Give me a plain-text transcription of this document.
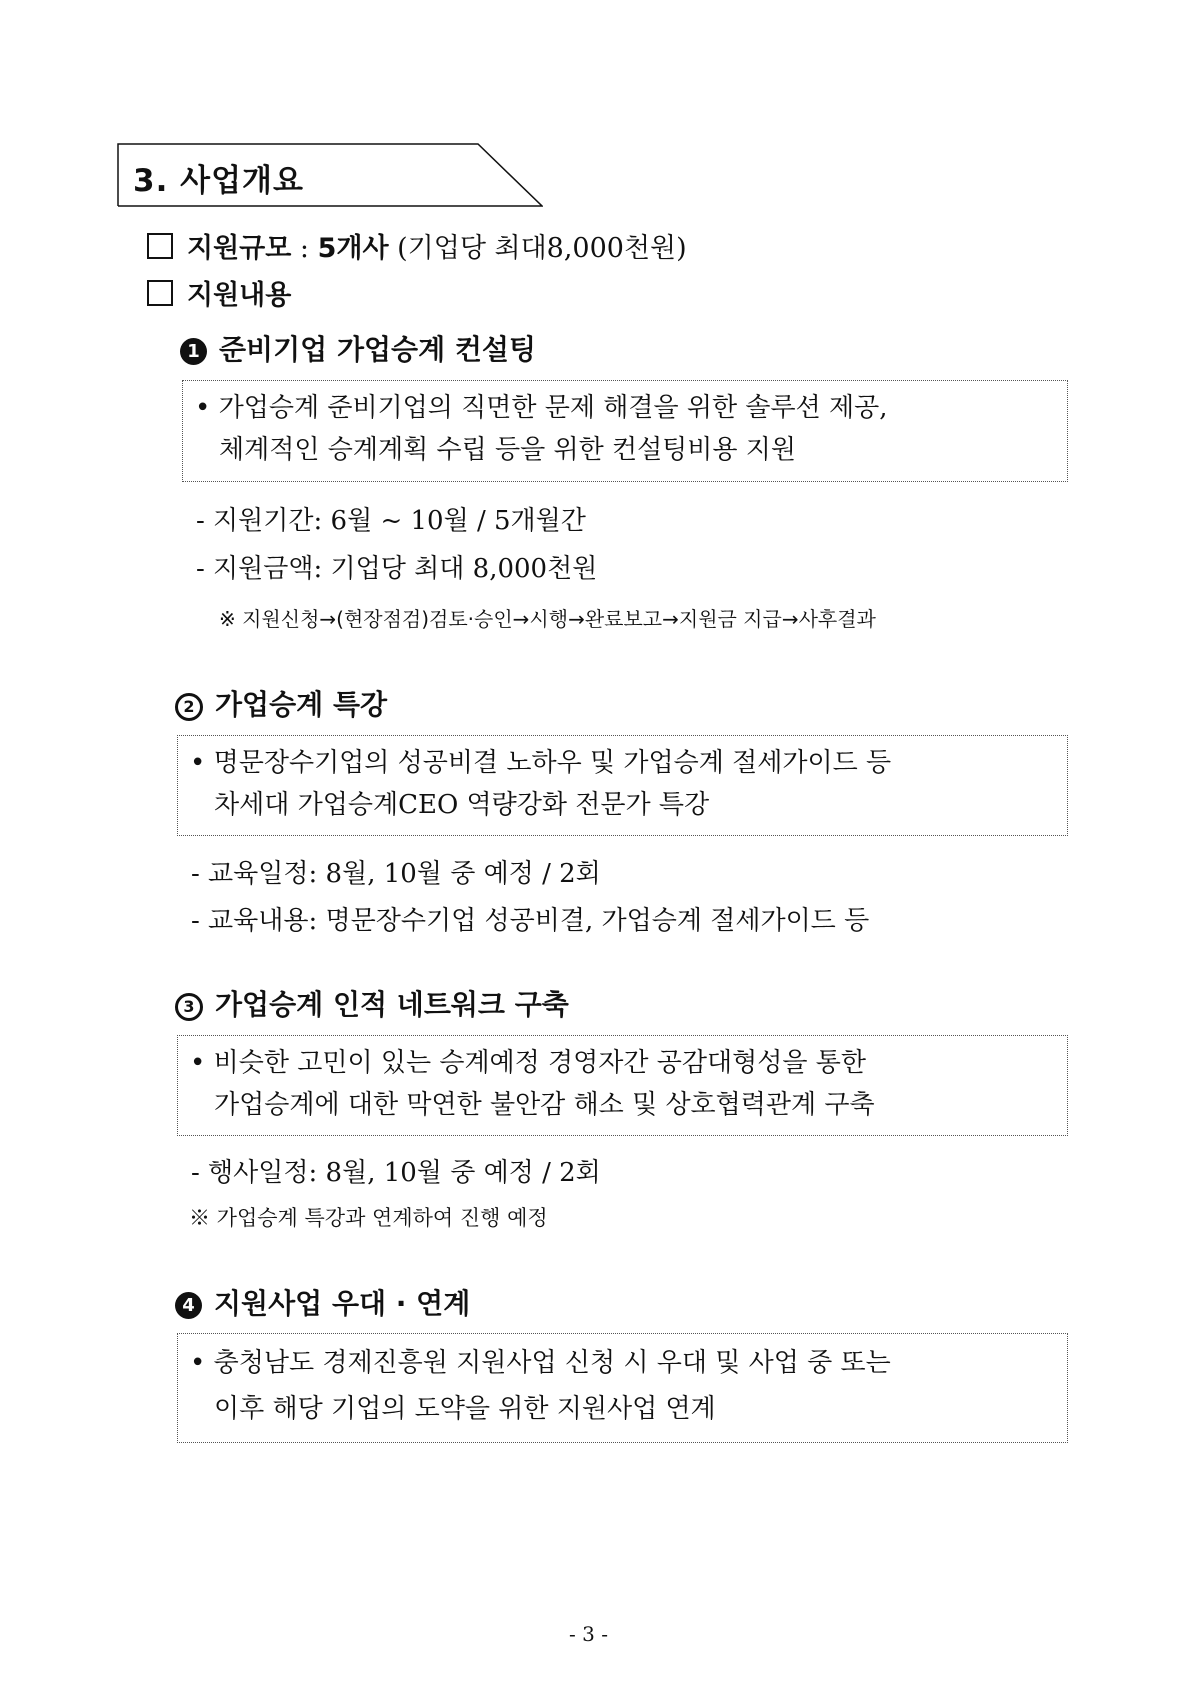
3. 사업개요
지원규모 : 5개사 (기업당 최대8,000천원)
지원내용
1 준비기업 가업승계 컨설팅
• 가업승계 준비기업의 직면한 문제 해결을 위한 솔루션 제공,
체계적인 승계계획 수립 등을 위한 컨설팅비용 지원
- 지원기간: 6월 ~ 10월 / 5개월간
- 지원금액: 기업당 최대 8,000천원
※ 지원신청→(현장점검)검토·승인→시행→완료보고→지원금 지급→사후결과
2 가업승계 특강
• 명문장수기업의 성공비결 노하우 및 가업승계 절세가이드 등
차세대 가업승계CEO 역량강화 전문가 특강
- 교육일정: 8월, 10월 중 예정 / 2회
- 교육내용: 명문장수기업 성공비결, 가업승계 절세가이드 등
3 가업승계 인적 네트워크 구축
• 비슷한 고민이 있는 승계예정 경영자간 공감대형성을 통한
가업승계에 대한 막연한 불안감 해소 및 상호협력관계 구축
- 행사일정: 8월, 10월 중 예정 / 2회
※ 가업승계 특강과 연계하여 진행 예정
4 지원사업 우대 · 연계
• 충청남도 경제진흥원 지원사업 신청 시 우대 및 사업 중 또는
이후 해당 기업의 도약을 위한 지원사업 연계
- 3 -
